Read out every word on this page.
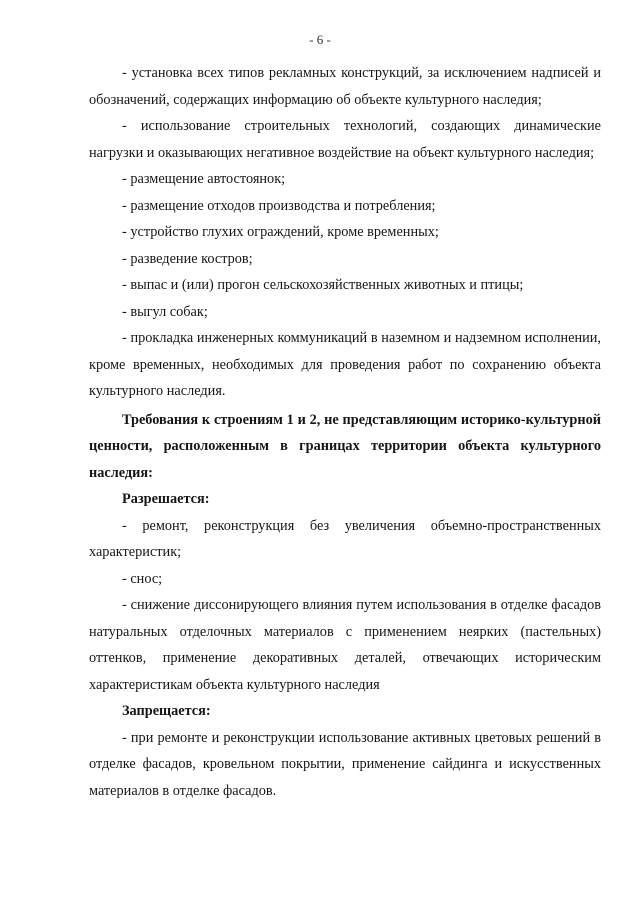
- 6 -

- установка всех типов рекламных конструкций, за исключением надписей и обозначений, содержащих информацию об объекте культурного наследия;

- использование строительных технологий, создающих динамические нагрузки и оказывающих негативное воздействие на объект культурного наследия;

- размещение автостоянок;

- размещение отходов производства и потребления;

- устройство глухих ограждений, кроме временных;

- разведение костров;

- выпас и (или) прогон сельскохозяйственных животных и птицы;

- выгул собак;

- прокладка инженерных коммуникаций в наземном и надземном исполнении, кроме временных, необходимых для проведения работ по сохранению объекта культурного наследия.

Требования к строениям 1 и 2, не представляющим историко-культурной ценности, расположенным в границах территории объекта культурного наследия:

Разрешается:

- ремонт, реконструкция без увеличения объемно-пространственных характеристик;

- снос;

- снижение диссонирующего влияния путем использования в отделке фасадов натуральных отделочных материалов с применением неярких (пастельных) оттенков, применение декоративных деталей, отвечающих историческим характеристикам объекта культурного наследия

Запрещается:

- при ремонте и реконструкции использование активных цветовых решений в отделке фасадов, кровельном покрытии, применение сайдинга и искусственных материалов в отделке фасадов.
